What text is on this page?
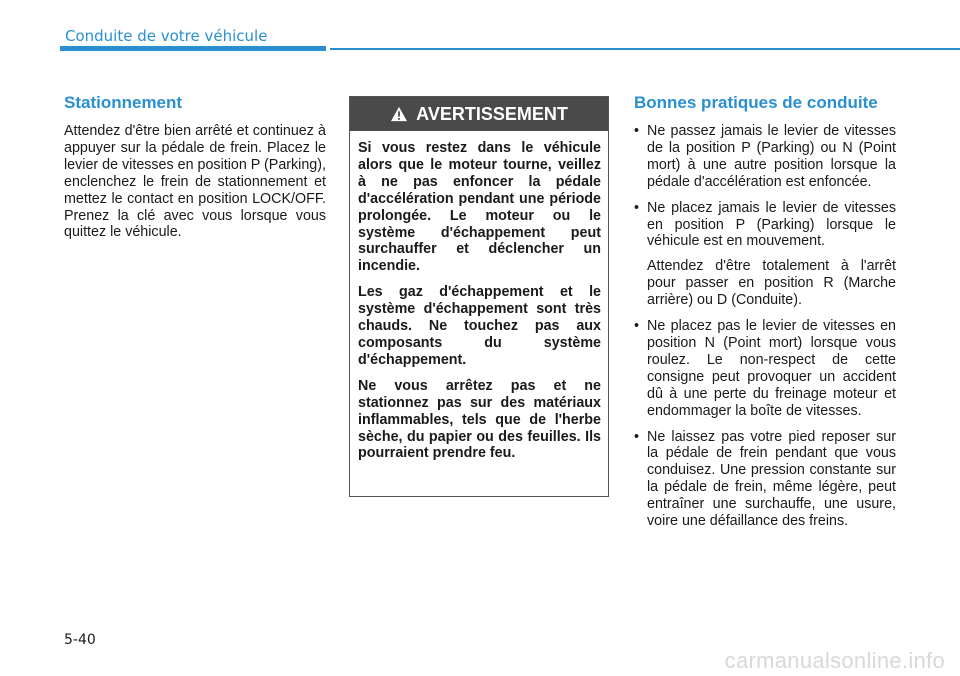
Conduite de votre véhicule
Stationnement

Attendez d'être bien arrêté et continuez à appuyer sur la pédale de frein. Placez le levier de vitesses en position P (Parking), enclenchez le frein de stationnement et mettez le contact en position LOCK/OFF. Prenez la clé avec vous lorsque vous quittez le véhicule.

AVERTISSEMENT

Si vous restez dans le véhicule alors que le moteur tourne, veillez à ne pas enfoncer la pédale d'accélération pendant une période prolongée. Le moteur ou le système d'échappement peut surchauffer et déclencher un incendie.

Les gaz d'échappement et le système d'échappement sont très chauds. Ne touchez pas aux composants du système d'échappement.

Ne vous arrêtez pas et ne stationnez pas sur des matériaux inflammables, tels que de l'herbe sèche, du papier ou des feuilles. Ils pourraient prendre feu.

Bonnes pratiques de conduite
• Ne passez jamais le levier de vitesses de la position P (Parking) ou N (Point mort) à une autre position lorsque la pédale d'accélération est enfoncée.

• Ne placez jamais le levier de vitesses en position P (Parking) lorsque le véhicule est en mouvement.

Attendez d'être totalement à l'arrêt pour passer en position R (Marche arrière) ou D (Conduite).

• Ne placez pas le levier de vitesses en position N (Point mort) lorsque vous roulez. Le non-respect de cette consigne peut provoquer un accident dû à une perte du freinage moteur et endommager la boîte de vitesses.

• Ne laissez pas votre pied reposer sur la pédale de frein pendant que vous conduisez. Une pression constante sur la pédale de frein, même légère, peut entraîner une surchauffe, une usure, voire une défaillance des freins.

5-40
carmanualsonline.info
